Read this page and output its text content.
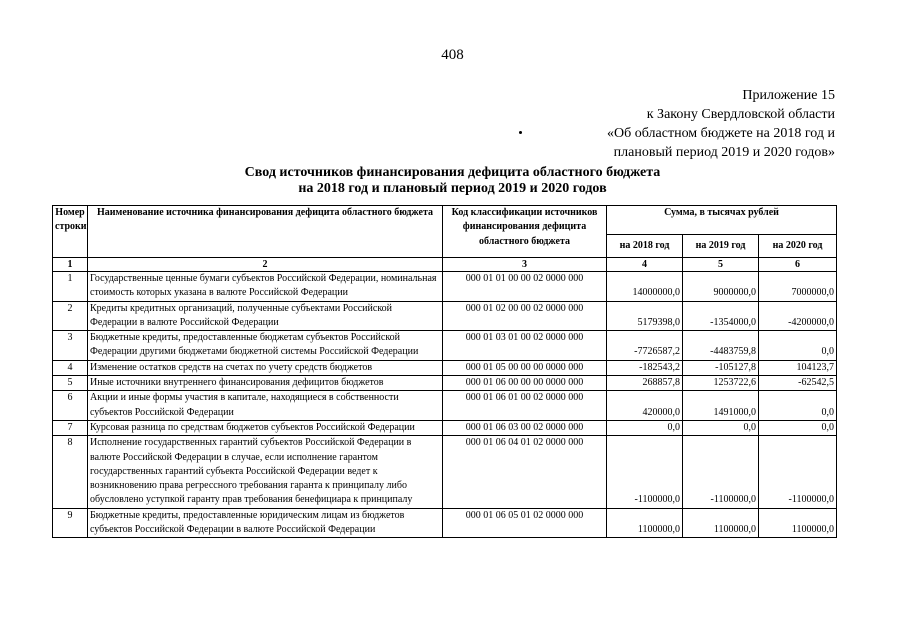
408
Приложение 15
к Закону Свердловской области
«Об областном бюджете на 2018 год и
плановый период 2019 и 2020 годов»
Свод источников финансирования дефицита областного бюджета
на 2018 год и плановый период 2019 и 2020 годов
Номер строки	Наименование источника финансирования дефицита областного бюджета	Код классификации источников финансирования дефицита областного бюджета	Сумма, в тысячах рублей		
			на 2018 год	на 2019 год	на 2020 год
1	2	3	4	5	6
1	Государственные ценные бумаги субъектов Российской Федерации, номинальная стоимость которых указана в валюте Российской Федерации	000 01 01 00 00 02 0000 000	14000000,0	9000000,0	7000000,0
2	Кредиты кредитных организаций, полученные субъектами Российской Федерации в валюте Российской Федерации	000 01 02 00 00 02 0000 000	5179398,0	-1354000,0	-4200000,0
3	Бюджетные кредиты, предоставленные бюджетам субъектов Российской Федерации другими бюджетами бюджетной системы Российской Федерации	000 01 03 01 00 02 0000 000	-7726587,2	-4483759,8	0,0
4	Изменение остатков средств на счетах по учету средств бюджетов	000 01 05 00 00 00 0000 000	-182543,2	-105127,8	104123,7
5	Иные источники внутреннего финансирования дефицитов бюджетов	000 01 06 00 00 00 0000 000	268857,8	1253722,6	-62542,5
6	Акции и иные формы участия в капитале, находящиеся в собственности субъектов Российской Федерации	000 01 06 01 00 02 0000 000	420000,0	1491000,0	0,0
7	Курсовая разница по средствам бюджетов субъектов Российской Федерации	000 01 06 03 00 02 0000 000	0,0	0,0	0,0
8	Исполнение государственных гарантий субъектов Российской Федерации в валюте Российской Федерации в случае, если исполнение гарантом государственных гарантий субъекта Российской Федерации ведет к возникновению права регрессного требования гаранта к принципалу либо обусловлено уступкой гаранту прав требования бенефициара к принципалу	000 01 06 04 01 02 0000 000	-1100000,0	-1100000,0	-1100000,0
9	Бюджетные кредиты, предоставленные юридическим лицам из бюджетов субъектов Российской Федерации в валюте Российской Федерации	000 01 06 05 01 02 0000 000	1100000,0	1100000,0	1100000,0
